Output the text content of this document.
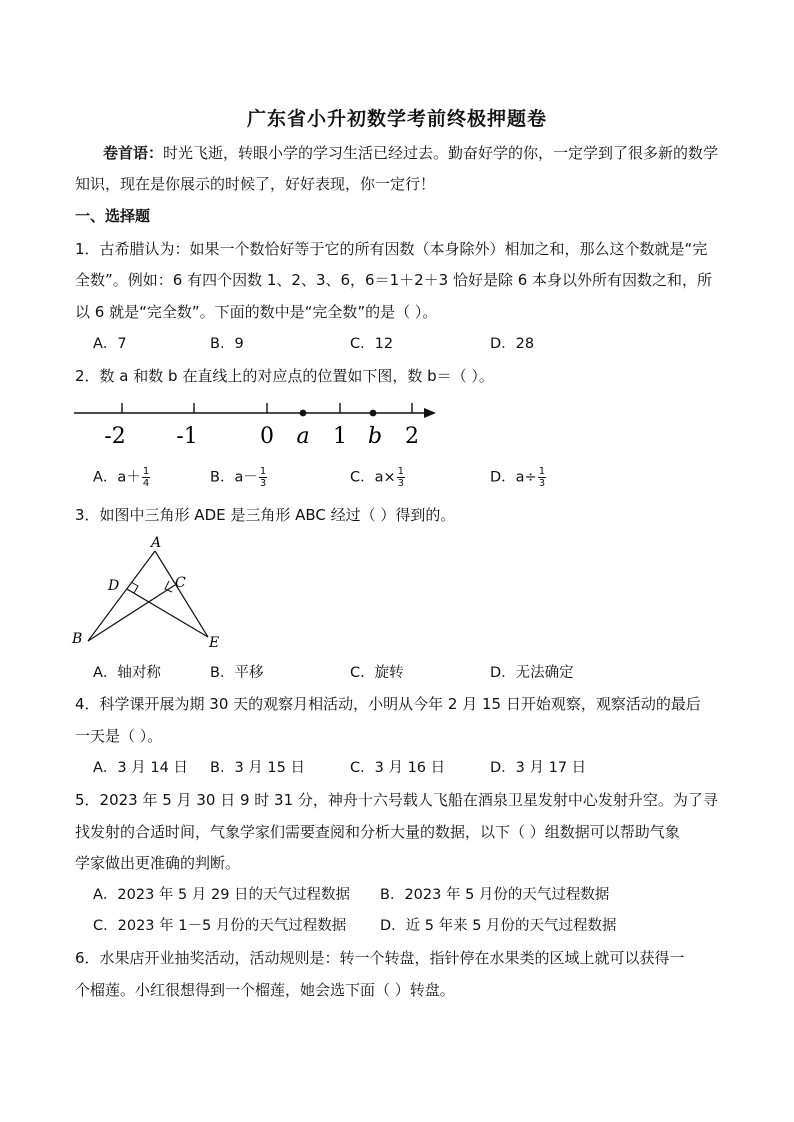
广东省小升初数学考前终极押题卷
卷首语：时光飞逝，转眼小学的学习生活已经过去。勤奋好学的你，一定学到了很多新的数学
知识，现在是你展示的时候了，好好表现，你一定行！
一、选择题
1．古希腊认为：如果一个数恰好等于它的所有因数（本身除外）相加之和，那么这个数就是“完
全数”。例如：6 有四个因数 1、2、3、6，6＝1＋2＋3 恰好是除 6 本身以外所有因数之和，所
以 6 就是“完全数”。下面的数中是“完全数”的是（ ）。
A．7	B．9	C．12	D．28
2．数 a 和数 b 在直线上的对应点的位置如下图，数 b＝（ ）。
-2 -1	0 a 1 b 2
A．$a+ \frac{1}{4}$	B．$a- \frac{1}{3}$	C．$a\times \frac{1}{3}$	D．$a\div \frac{1}{3}$
3．如图中三角形 ADE 是三角形 ABC 经过（ ）得到的。
A
D	C
B	E
A．轴对称	B．平移	C．旋转	D．无法确定
4．科学课开展为期 30 天的观察月相活动，小明从今年 2 月 15 日开始观察，观察活动的最后
一天是（ ）。
A．3 月 14 日 B．3 月 15 日	C．3 月 16 日	D．3 月 17 日
5．2023 年 5 月 30 日 9 时 31 分，神舟十六号载人飞船在酒泉卫星发射中心发射升空。为了寻
找发射的合适时间，气象学家们需要查阅和分析大量的数据，以下（ ）组数据可以帮助气象
学家做出更准确的判断。
A．2023 年 5 月 29 日的天气过程数据 B．2023 年 5 月份的天气过程数据
C．2023 年 1－5 月份的天气过程数据 D．近 5 年来 5 月份的天气过程数据
6．水果店开业抽奖活动，活动规则是：转一个转盘，指针停在水果类的区域上就可以获得一
个榴莲。小红很想得到一个榴莲，她会选下面（ ）转盘。
